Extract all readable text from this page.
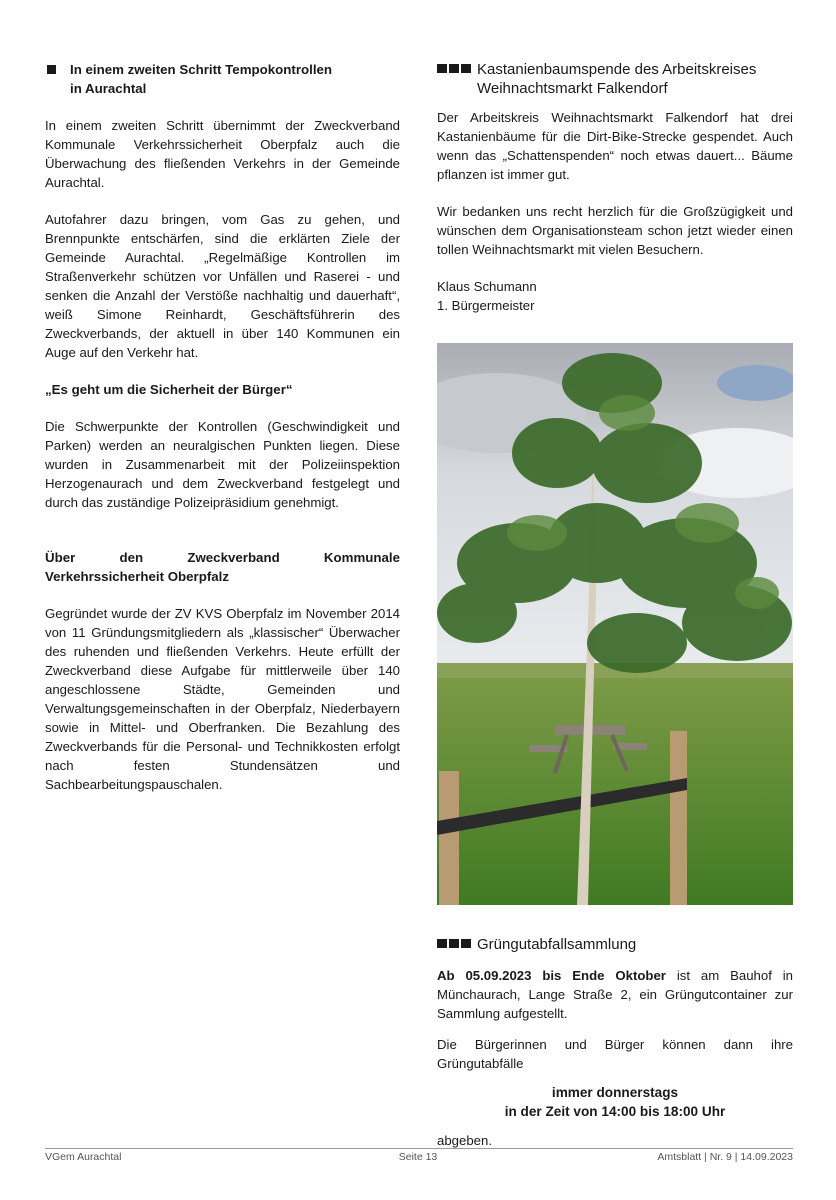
In einem zweiten Schritt Tempokontrollen
in Aurachtal

In einem zweiten Schritt übernimmt der Zweckverband Kommunale Verkehrssicherheit Oberpfalz auch die Überwachung des fließenden Verkehrs in der Gemeinde Aurachtal.

Autofahrer dazu bringen, vom Gas zu gehen, und Brennpunkte entschärfen, sind die erklärten Ziele der Gemeinde Aurachtal. „Regelmäßige Kontrollen im Straßenverkehr schützen vor Unfällen und Raserei - und senken die Anzahl der Verstöße nachhaltig und dauerhaft“, weiß Simone Reinhardt, Geschäftsführerin des Zweckverbands, der aktuell in über 140 Kommunen ein Auge auf den Verkehr hat.

„Es geht um die Sicherheit der Bürger“

Die Schwerpunkte der Kontrollen (Geschwindigkeit und Parken) werden an neuralgischen Punkten liegen. Diese wurden in Zusammenarbeit mit der Polizeiinspektion Herzogenaurach und dem Zweckverband festgelegt und durch das zuständige Polizeipräsidium genehmigt.

Über den Zweckverband Kommunale Verkehrssicherheit Oberpfalz

Gegründet wurde der ZV KVS Oberpfalz im November 2014 von 11 Gründungsmitgliedern als „klassischer“ Überwacher des ruhenden und fließenden Verkehrs. Heute erfüllt der Zweckverband diese Aufgabe für mittlerweile über 140 angeschlossene Städte, Gemeinden und Verwaltungsgemeinschaften in der Oberpfalz, Niederbayern sowie in Mittel- und Oberfranken. Die Bezahlung des Zweckverbands für die Personal- und Technikkosten erfolgt nach festen Stundensätzen und Sachbearbeitungspauschalen.

Kastanienbaumspende des Arbeitskreises
Weihnachtsmarkt Falkendorf

Der Arbeitskreis Weihnachtsmarkt Falkendorf hat drei Kastanienbäume für die Dirt-Bike-Strecke gespendet. Auch wenn das „Schattenspenden“ noch etwas dauert... Bäume pflanzen ist immer gut.

Wir bedanken uns recht herzlich für die Großzügigkeit und wünschen dem Organisationsteam schon jetzt wieder einen tollen Weihnachtsmarkt mit vielen Besuchern.

Klaus Schumann

1. Bürgermeister

Grüngutabfallsammlung

Ab 05.09.2023 bis Ende Oktober ist am Bauhof in Münchaurach, Lange Straße 2, ein Grüngutcontainer zur Sammlung aufgestellt.

Die Bürgerinnen und Bürger können dann ihre Grüngutabfälle

immer donnerstags
in der Zeit von 14:00 bis 18:00 Uhr

abgeben.

VGem Aurachtal	Seite 13	Amtsblatt | Nr. 9 | 14.09.2023
